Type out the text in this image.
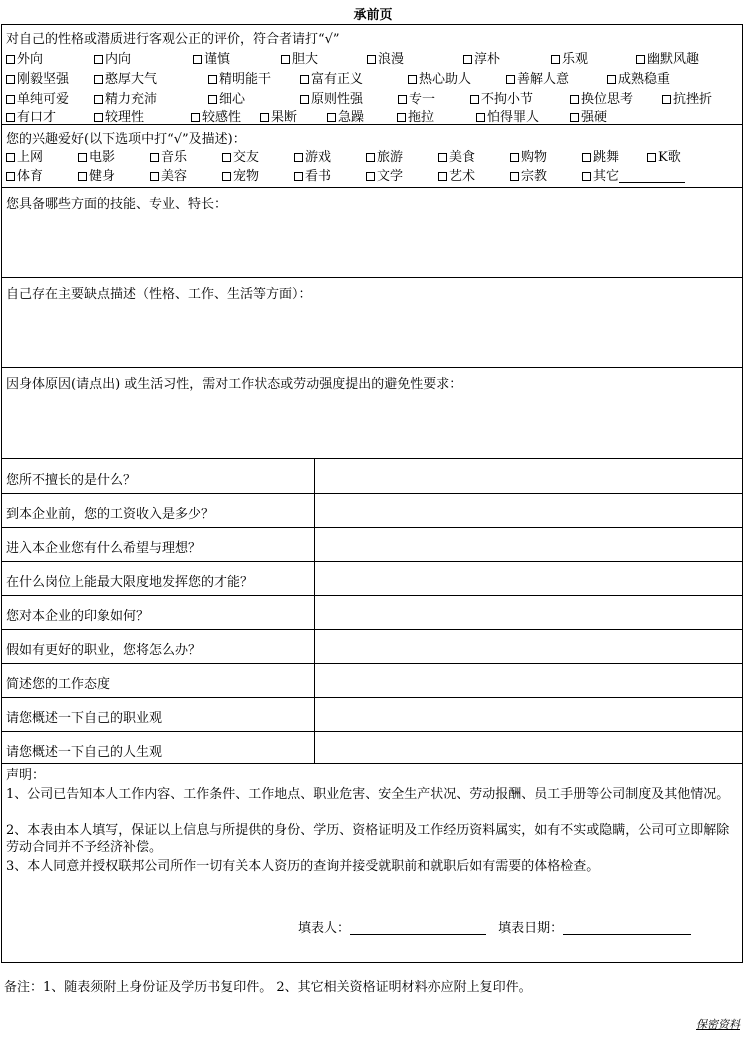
承前页
对自己的性格或潜质进行客观公正的评价，符合者请打“√”
外向	内向	谨慎	胆大	浪漫	淳朴	乐观	幽默风趣
刚毅坚强	憨厚大气	精明能干	富有正义	热心助人	善解人意	成熟稳重
单纯可爱	精力充沛	细心	原则性强	专一	不拘小节	换位思考	抗挫折
有口才	较理性	较感性	果断	急躁	拖拉	怕得罪人	强硬
您的兴趣爱好(以下选项中打“√”及描述)：
上网	电影	音乐	交友	游戏	旅游	美食	购物	跳舞	K歌
体育	健身	美容	宠物	看书	文学	艺术	宗教	其它
您具备哪些方面的技能、专业、特长：
自己存在主要缺点描述（性格、工作、生活等方面）：
因身体原因(请点出) 或生活习性，需对工作状态或劳动强度提出的避免性要求：
您所不擅长的是什么？
到本企业前，您的工资收入是多少？
进入本企业您有什么希望与理想？
在什么岗位上能最大限度地发挥您的才能？
您对本企业的印象如何？
假如有更好的职业，您将怎么办？
简述您的工作态度
请您概述一下自己的职业观
请您概述一下自己的人生观
声明：
1、公司已告知本人工作内容、工作条件、工作地点、职业危害、安全生产状况、劳动报酬、员工手册等公司制度及其他情况。
2、本表由本人填写，保证以上信息与所提供的身份、学历、资格证明及工作经历资料属实，如有不实或隐瞒，公司可立即解除劳动合同并不予经济补偿。
3、本人同意并授权联邦公司所作一切有关本人资历的查询并接受就职前和就职后如有需要的体格检查。
填表人：	填表日期：
备注：1、随表须附上身份证及学历书复印件。 2、其它相关资格证明材料亦应附上复印件。
保密资料
